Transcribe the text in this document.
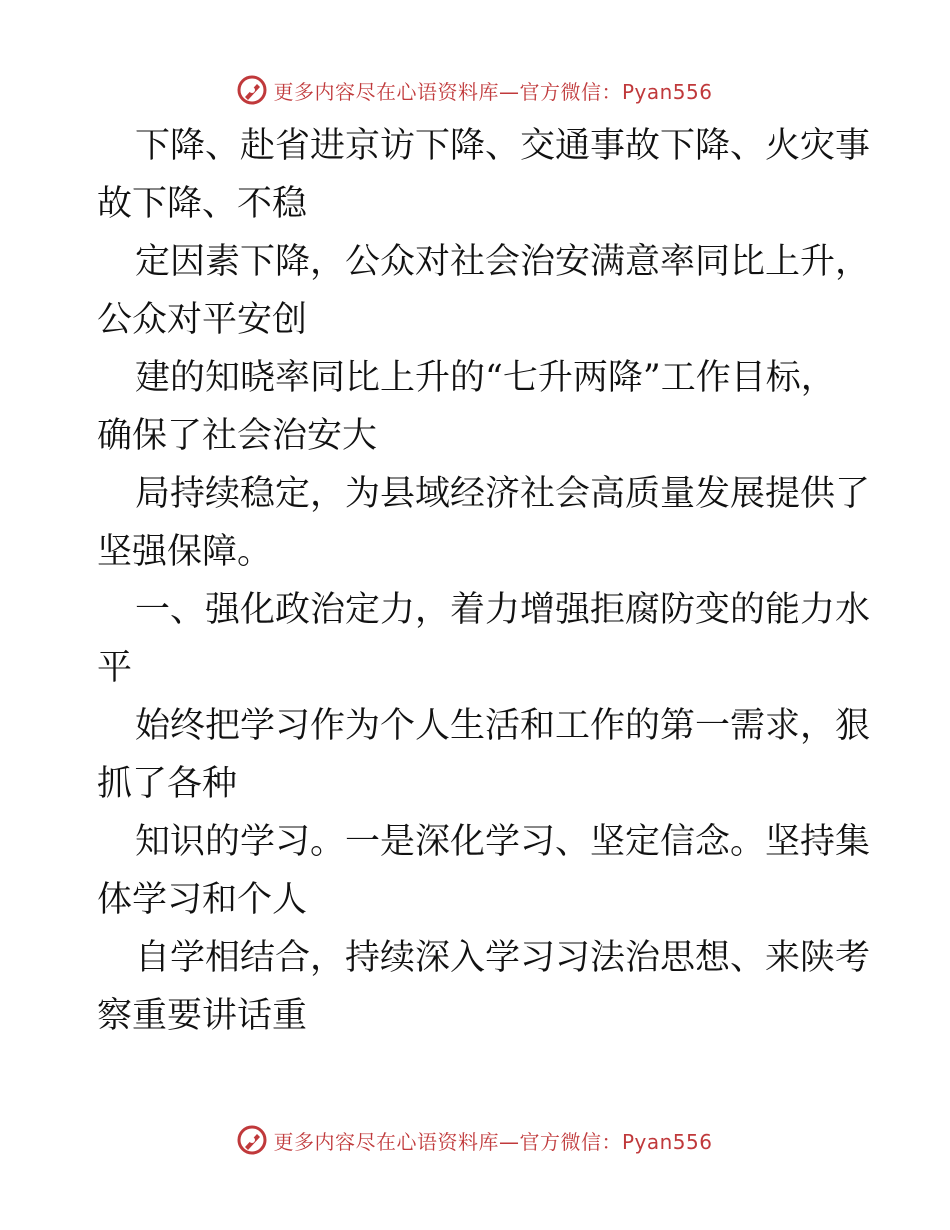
更多内容尽在心语资料库—官方微信：Pyan556
下降、赴省进京访下降、交通事故下降、火灾事
故下降、不稳
定因素下降，公众对社会治安满意率同比上升，
公众对平安创
建的知晓率同比上升的“七升两降”工作目标，
确保了社会治安大
局持续稳定，为县域经济社会高质量发展提供了
坚强保障。
一、强化政治定力，着力增强拒腐防变的能力水
平
始终把学习作为个人生活和工作的第一需求，狠
抓了各种
知识的学习。一是深化学习、坚定信念。坚持集
体学习和个人
自学相结合，持续深入学习习法治思想、来陕考
察重要讲话重
更多内容尽在心语资料库—官方微信：Pyan556
